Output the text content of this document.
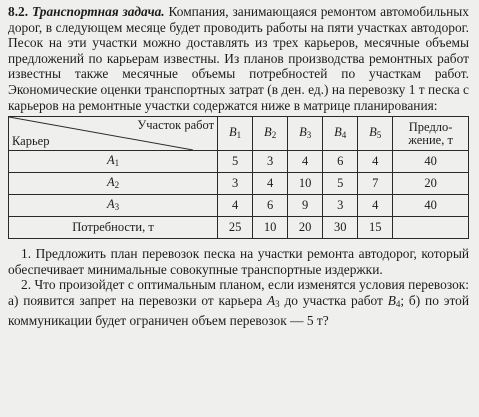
8.2. Транспортная задача. Компания, занимающаяся ремонтом автомобильных дорог, в следующем месяце будет проводить работы на пяти участках автодорог. Песок на эти участки можно доставлять из трех карьеров, месячные объемы предложений по карьерам известны. Из планов производства ремонтных работ известны также месячные объемы потребностей по участкам работ. Экономические оценки транспортных затрат (в ден. ед.) на перевозку 1 т песка с карьеров на ремонтные участки содержатся ниже в матрице планирования:

Участок работ
Карьер	$B_1$	$B_2$	$B_3$	$B_4$	$B_5$	Предло-
жение, т
$A_1$	5	3	4	6	4	40
$A_2$	3	4	10	5	7	20
$A_3$	4	6	9	3	4	40
Потребности, т	25	10	20	30	15	

1. Предложить план перевозок песка на участки ремонта автодорог, который обеспечивает минимальные совокупные транспортные издержки.

2. Что произойдет с оптимальным планом, если изменятся условия перевозок: а) появится запрет на перевозки от карьера $A_3$ до участка работ $B_4$; б) по этой коммуникации будет ограничен объем перевозок — 5 т?
